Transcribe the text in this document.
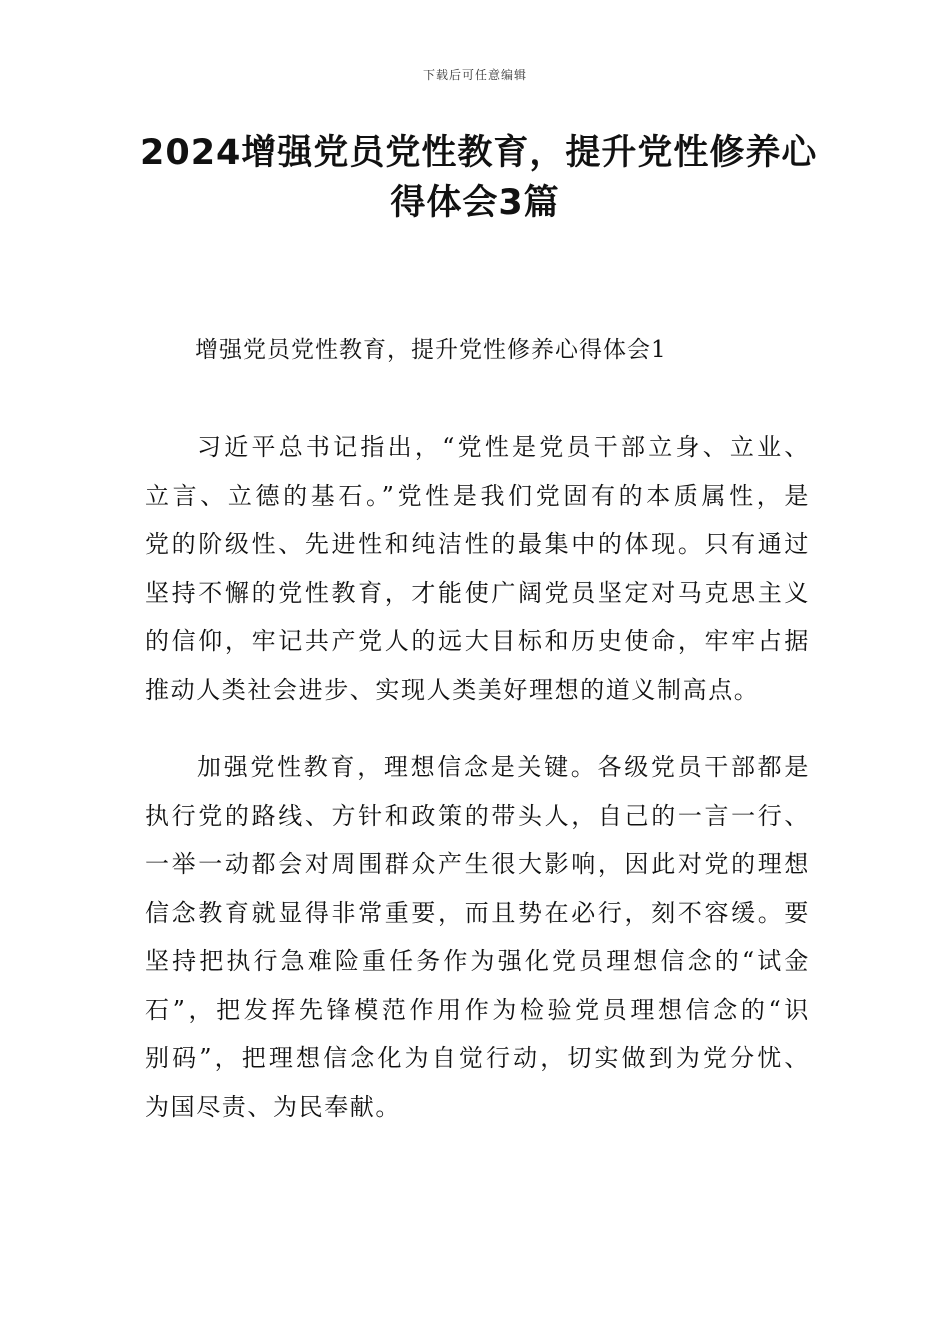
下载后可任意编辑
2024增强党员党性教育，提升党性修养心
得体会3篇
增强党员党性教育，提升党性修养心得体会1
习近平总书记指出，“党性是党员干部立身、立业、
立言、立德的基石。”党性是我们党固有的本质属性，是
党的阶级性、先进性和纯洁性的最集中的体现。只有通过
坚持不懈的党性教育，才能使广阔党员坚定对马克思主义
的信仰，牢记共产党人的远大目标和历史使命，牢牢占据
推动人类社会进步、实现人类美好理想的道义制高点。
加强党性教育，理想信念是关键。各级党员干部都是
执行党的路线、方针和政策的带头人，自己的一言一行、
一举一动都会对周围群众产生很大影响，因此对党的理想
信念教育就显得非常重要，而且势在必行，刻不容缓。要
坚持把执行急难险重任务作为强化党员理想信念的“试金
石”，把发挥先锋模范作用作为检验党员理想信念的“识
别码”，把理想信念化为自觉行动，切实做到为党分忧、
为国尽责、为民奉献。
